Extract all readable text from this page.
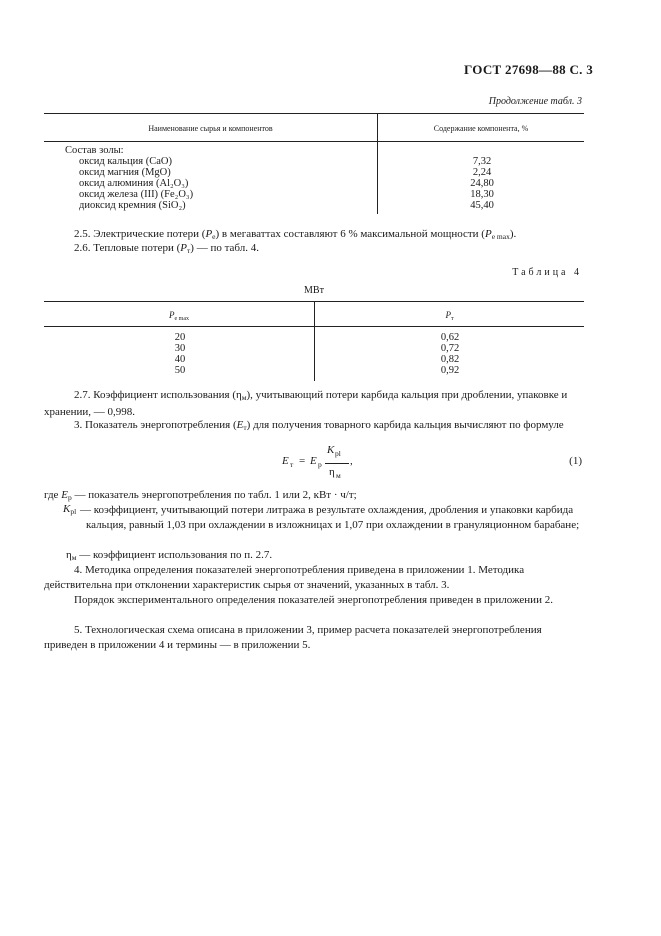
ГОСТ 27698—88 С. 3
Продолжение табл. 3
Наименование сырья и компонентов	Содержание компонента, %
Состав золы:
оксид кальция (CaO)	7,32
оксид магния (MgO)	2,24
оксид алюминия (Al₂O₃)	24,80
оксид железа (III) (Fe₂O₃)	18,30
диоксид кремния (SiO₂)	45,40
2.5. Электрические потери $(P_e)$ в мегаваттах составляют 6 % максимальной мощности $(P_{e max})$.
2.6. Тепловые потери $(P_т)$ — по табл. 4.
Таблица 4
МВт
$P_{e max}$	$P_т$
20	0,62
30	0,72
40	0,82
50	0,92
2.7. Коэффициент использования $(\eta_м)$, учитывающий потери карбида кальция при дроблении, упаковке и хранении, — 0,998.
3. Показатель энергопотребления $(E_т)$ для получения товарного карбида кальция вычисляют по формуле
E т = E р
K pl
η м
,	(1)
где $E_р$ — показатель энергопотребления по табл. 1 или 2, кВт · ч/т;
$K_{pl}$ — коэффициент, учитывающий потери литража в результате охлаждения, дробления и упаковки карбида кальция, равный 1,03 при охлаждении в изложницах и 1,07 при охлаждении в грануляционном барабане;
$\eta_м$ — коэффициент использования по п. 2.7.
4. Методика определения показателей энергопотребления приведена в приложении 1. Методика действительна при отклонении характеристик сырья от значений, указанных в табл. 3.
Порядок экспериментального определения показателей энергопотребления приведен в приложении 2.
5. Технологическая схема описана в приложении 3, пример расчета показателей энергопотребления приведен в приложении 4 и термины — в приложении 5.
